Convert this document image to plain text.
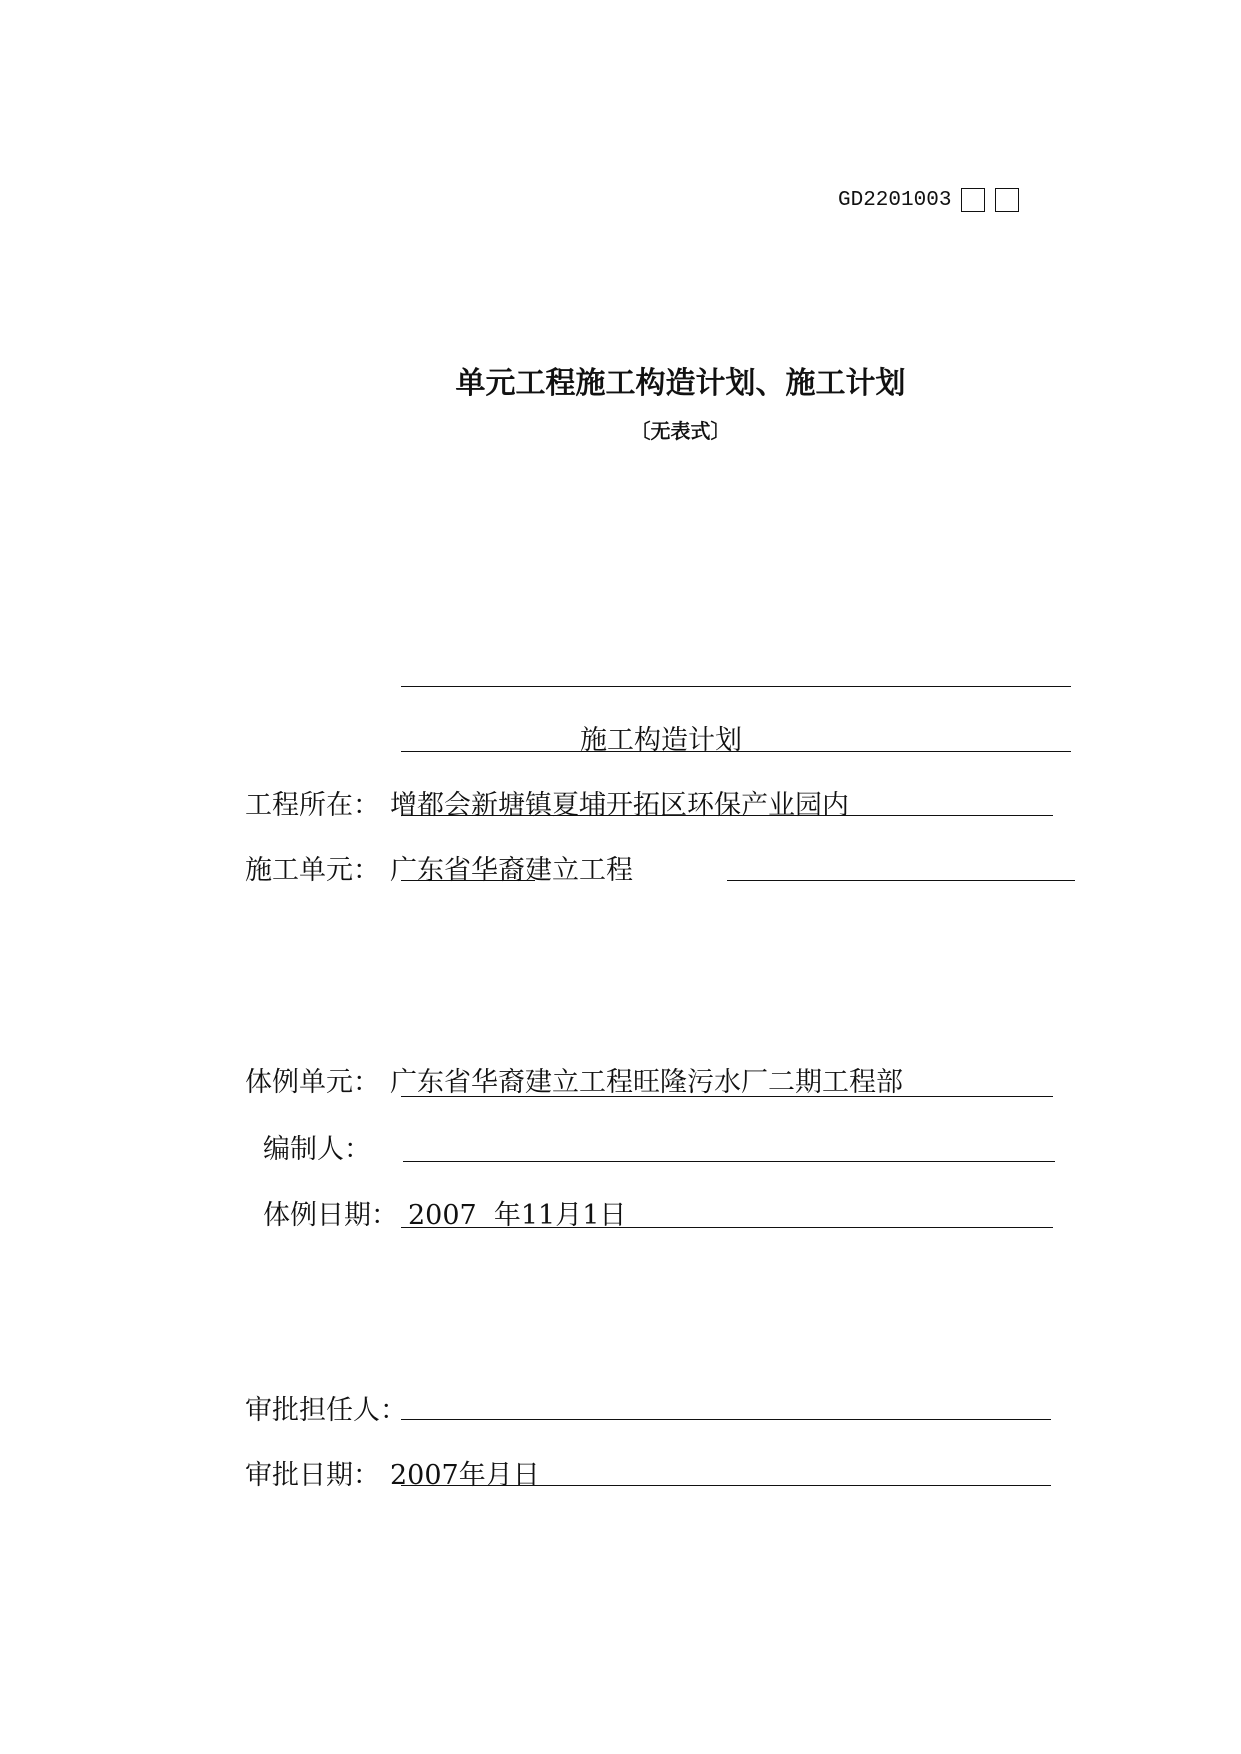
GD2201003
单元工程施工构造计划、施工计划
〔无表式〕
施工构造计划
工程所在： 增都会新塘镇夏埔开拓区环保产业园内
施工单元： 广东省华裔建立工程
体例单元： 广东省华裔建立工程旺隆污水厂二期工程部
编制人：
体例日期： 2007  年11月1日
审批担任人：
审批日期： 2007年月日
